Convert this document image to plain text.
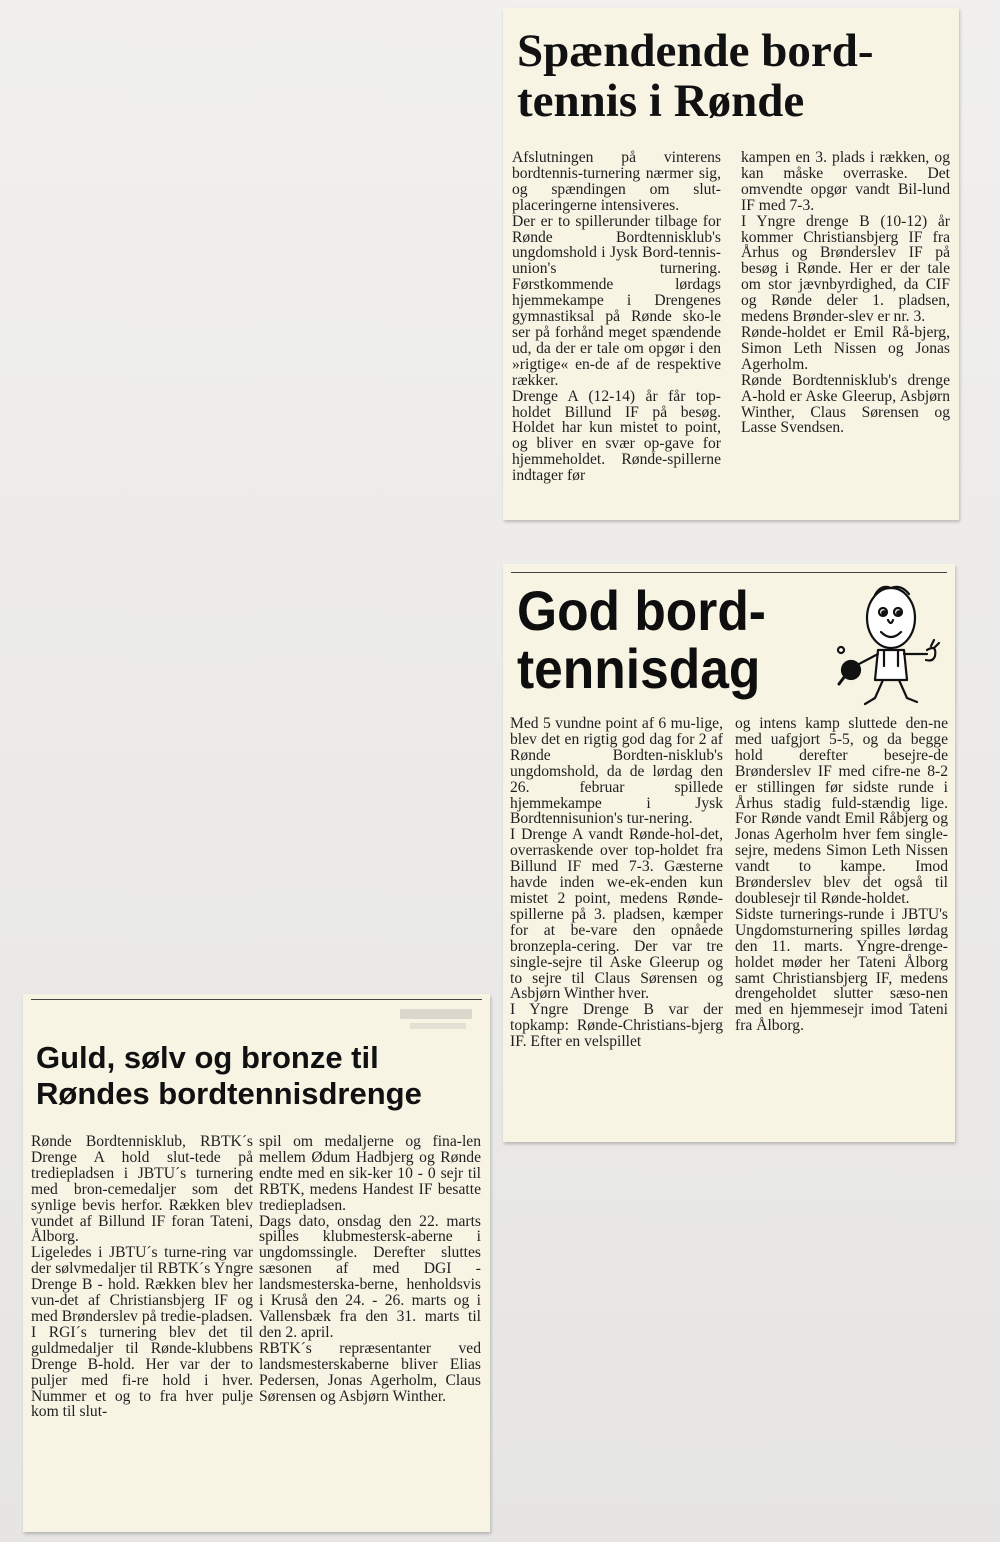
Spændende bord-
tennis i Rønde

Afslutningen på vinterens bordtennis-turnering nærmer sig, og spændingen om slut-placeringerne intensiveres.

Der er to spillerunder tilbage for Rønde Bordtennisklub's ungdomshold i Jysk Bord-tennis-union's turnering. Førstkommende lørdags hjemmekampe i Drengenes gymnastiksal på Rønde sko-le ser på forhånd meget spændende ud, da der er tale om opgør i den »rigtige« en-de af de respektive rækker.

Drenge A (12-14) år får top-holdet Billund IF på besøg. Holdet har kun mistet to point, og bliver en svær op-gave for hjemmeholdet. Rønde-spillerne indtager før

kampen en 3. plads i rækken, og kan måske overraske. Det omvendte opgør vandt Bil-lund IF med 7-3.

I Yngre drenge B (10-12) år kommer Christiansbjerg IF fra Århus og Brønderslev IF på besøg i Rønde. Her er der tale om stor jævnbyrdighed, da CIF og Rønde deler 1. pladsen, medens Brønder-slev er nr. 3.

Rønde-holdet er Emil Rå-bjerg, Simon Leth Nissen og Jonas Agerholm.

Rønde Bordtennisklub's drenge A-hold er Aske Gleerup, Asbjørn Winther, Claus Sørensen og Lasse Svendsen.

God bord-
tennisdag

Med 5 vundne point af 6 mu-lige, blev det en rigtig god dag for 2 af Rønde Bordten-nisklub's ungdomshold, da de lørdag den 26. februar spillede hjemmekampe i Jysk Bordtennisunion's tur-nering.

I Drenge A vandt Rønde-hol-det, overraskende over top-holdet fra Billund IF med 7-3. Gæsterne havde inden we-ek-enden kun mistet 2 point, medens Rønde-spillerne på 3. pladsen, kæmper for at be-vare den opnåede bronzepla-cering. Der var tre single-sejre til Aske Gleerup og to sejre til Claus Sørensen og Asbjørn Winther hver.

I Yngre Drenge B var der topkamp: Rønde-Christians-bjerg IF. Efter en velspillet

og intens kamp sluttede den-ne med uafgjort 5-5, og da begge hold derefter besejre-de Brønderslev IF med cifre-ne 8-2 er stillingen før sidste runde i Århus stadig fuld-stændig lige. For Rønde vandt Emil Råbjerg og Jonas Agerholm hver fem single-sejre, medens Simon Leth Nissen vandt to kampe. Imod Brønderslev blev det også til doublesejr til Rønde-holdet.

Sidste turnerings-runde i JBTU's Ungdomsturnering spilles lørdag den 11. marts. Yngre-drenge-holdet møder her Tateni Ålborg samt Christiansbjerg IF, medens drengeholdet slutter sæso-nen med en hjemmesejr imod Tateni fra Ålborg.

Guld, sølv og bronze til
Røndes bordtennisdrenge

Rønde Bordtennisklub, RBTK´s Drenge A hold slut-tede på trediepladsen i JBTU´s turnering med bron-cemedaljer som det synlige bevis herfor. Rækken blev vundet af Billund IF foran Tateni, Ålborg.

Ligeledes i JBTU´s turne-ring var der sølvmedaljer til RBTK´s Yngre Drenge B - hold. Rækken blev her vun-det af Christiansbjerg IF og med Brønderslev på tredie-pladsen.

I RGI´s turnering blev det til guldmedaljer til Rønde-klubbens Drenge B-hold. Her var der to puljer med fi-re hold i hver. Nummer et og to fra hver pulje kom til slut-

spil om medaljerne og fina-len mellem Ødum Hadbjerg og Rønde endte med en sik-ker 10 - 0 sejr til RBTK, medens Handest IF besatte trediepladsen.

Dags dato, onsdag den 22. marts spilles klubmestersk-aberne i ungdomssingle. Derefter sluttes sæsonen af med DGI - landsmesterska-berne, henholdsvis i Kruså den 24. - 26. marts og i Vallensbæk fra den 31. marts til den 2. april.

RBTK´s repræsentanter ved landsmesterskaberne bliver Elias Pedersen, Jonas Agerholm, Claus Sørensen og Asbjørn Winther.
